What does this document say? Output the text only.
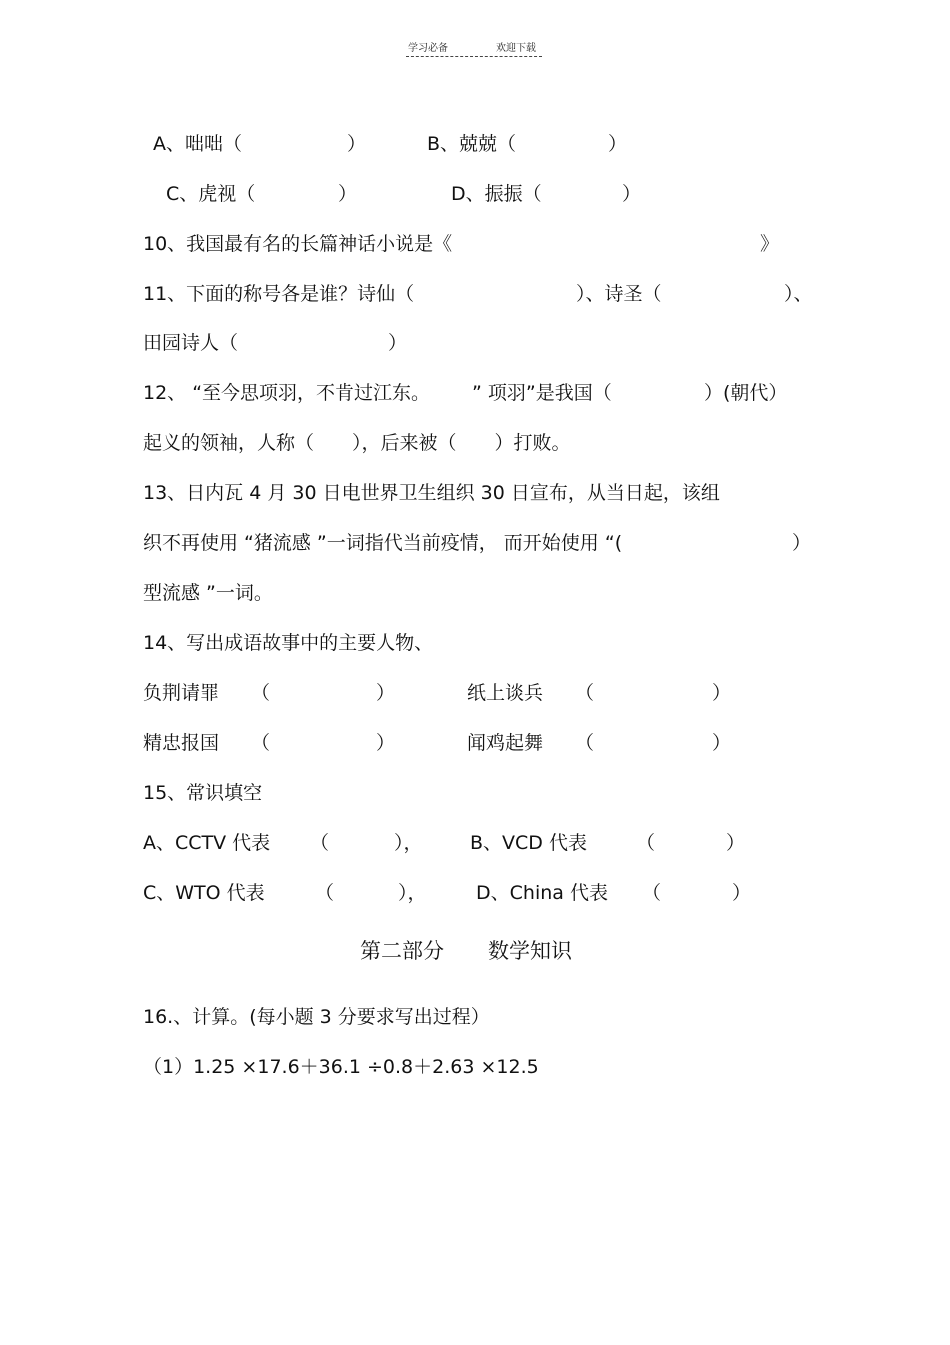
学习必备	欢迎下载
A、咄咄（	）	B、兢兢（	）
C、虎视（	）	D、振振（	）
10、我国最有名的长篇神话小说是《	》
11、下面的称号各是谁？诗仙（	）、诗圣（	）、
田园诗人（	）
12、 “至今思项羽，不肯过江东。 ” 项羽”是我国（	）(朝代）
起义的领袖，人称（　　），后来被（　　）打败。
13、日内瓦 4 月 30 日电世界卫生组织 30 日宣布，从当日起，该组
织不再使用 “猪流感 ”一词指代当前疫情， 而开始使用 “(	）
型流感 ”一词。
14、写出成语故事中的主要人物、
负荆请罪 （	）	纸上谈兵 （	）
精忠报国 （	）	闻鸡起舞 （	）
15、常识填空
A、CCTV 代表 （	）， B、VCD 代表	（	）
C、WTO 代表	（	），	D、China 代表 （	）
第二部分 数学知识
16.、计算。(每小题 3 分要求写出过程）
（1）1.25 ×17.6＋36.1 ÷0.8＋2.63 ×12.5
